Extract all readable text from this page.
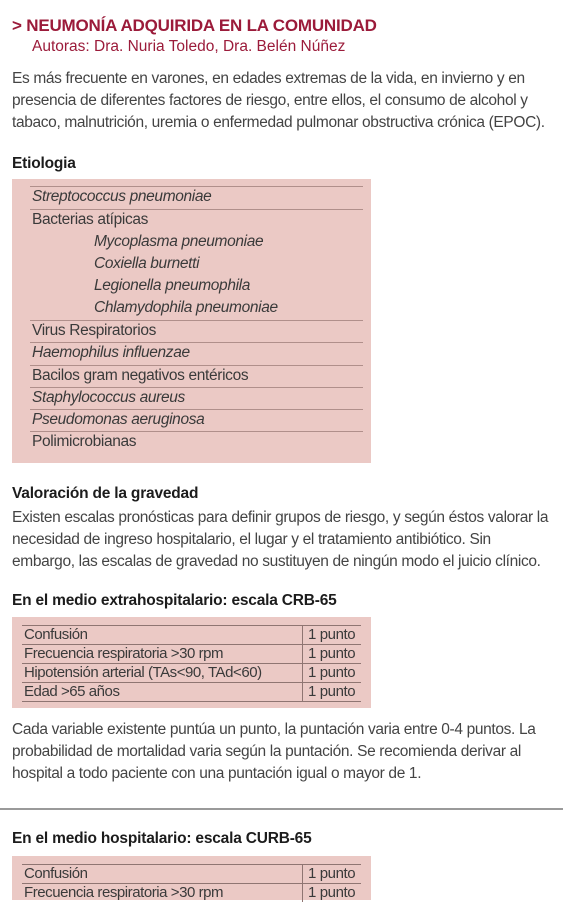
> NEUMONÍA ADQUIRIDA EN LA COMUNIDAD
Autoras: Dra. Nuria Toledo, Dra. Belén Núñez
Es más frecuente en varones, en edades extremas de la vida, en invierno y en presencia de diferentes factores de riesgo, entre ellos, el consumo de alcohol y tabaco, malnutrición, uremia o enfermedad pulmonar obstructiva crónica (EPOC).
Etiologia
Streptococcus pneumoniae
Bacterias atípicas
Mycoplasma pneumoniae
Coxiella burnetti
Legionella pneumophila
Chlamydophila pneumoniae
Virus Respiratorios
Haemophilus influenzae
Bacilos gram negativos entéricos
Staphylococcus aureus
Pseudomonas aeruginosa
Polimicrobianas
Valoración de la gravedad
Existen escalas pronósticas para definir grupos de riesgo, y según éstos valorar la necesidad de ingreso hospitalario, el lugar y el tratamiento antibiótico. Sin embargo, las escalas de gravedad no sustituyen de ningún modo el juicio clínico.
En el medio extrahospitalario: escala CRB-65
Confusión	1 punto
Frecuencia respiratoria >30 rpm	1 punto
Hipotensión arterial (TAs<90, TAd<60)	1 punto
Edad >65 años	1 punto
Cada variable existente puntúa un punto, la puntación varia entre 0-4 puntos. La probabilidad de mortalidad varia según la puntación. Se recomienda derivar al hospital a todo paciente con una puntación igual o mayor de 1.
En el medio hospitalario: escala CURB-65
Confusión	1 punto
Frecuencia respiratoria >30 rpm	1 punto
